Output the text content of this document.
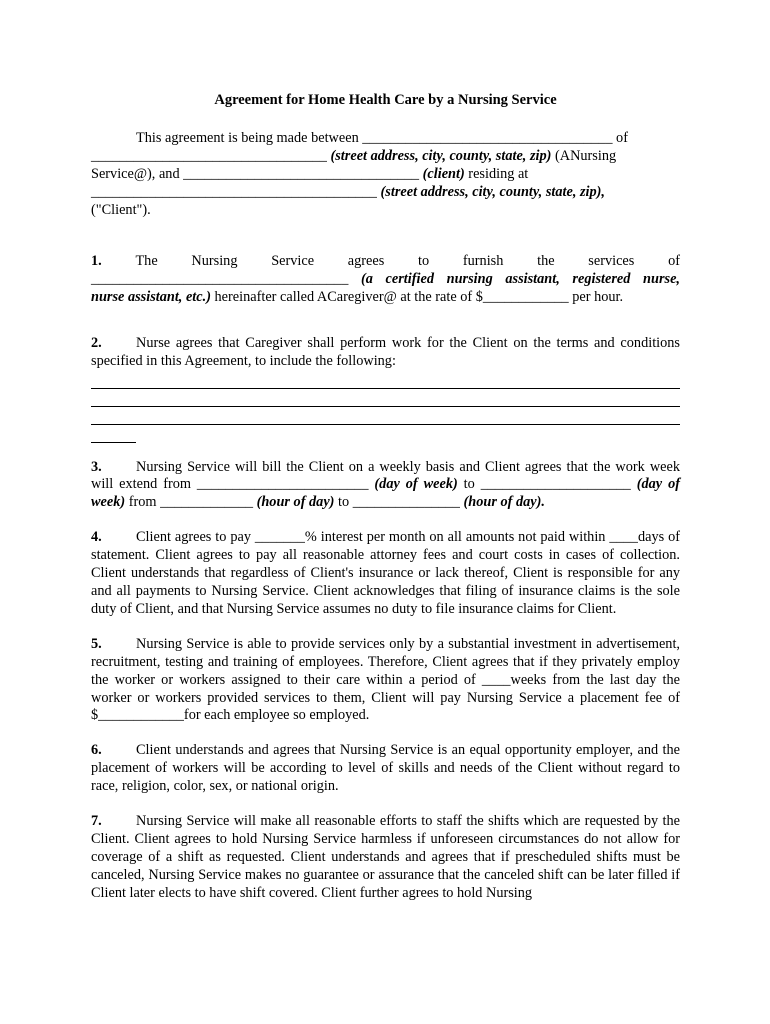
Agreement for Home Health Care by a Nursing Service
This agreement is being made between ___________________________________ of
_________________________________ (street address, city, county, state, zip) (ANursing
Service@), and _________________________________ (client) residing at
________________________________________ (street address, city, county, state, zip),
("Client").
1. The Nursing Service agrees to furnish the services of
____________________________________ (a certified nursing assistant, registered nurse,
nurse assistant, etc.) hereinafter called ACaregiver@ at the rate of $____________ per hour.
2. Nurse agrees that Caregiver shall perform work for the Client on the terms and conditions specified in this Agreement, to include the following:
3. Nursing Service will bill the Client on a weekly basis and Client agrees that the work week will extend from ________________________ (day of week) to _____________________ (day of week) from _____________ (hour of day) to _______________ (hour of day).
4. Client agrees to pay _______% interest per month on all amounts not paid within ____days of statement. Client agrees to pay all reasonable attorney fees and court costs in cases of collection. Client understands that regardless of Client's insurance or lack thereof, Client is responsible for any and all payments to Nursing Service. Client acknowledges that filing of insurance claims is the sole duty of Client, and that Nursing Service assumes no duty to file insurance claims for Client.
5. Nursing Service is able to provide services only by a substantial investment in advertisement, recruitment, testing and training of employees. Therefore, Client agrees that if they privately employ the worker or workers assigned to their care within a period of ____weeks from the last day the worker or workers provided services to them, Client will pay Nursing Service a placement fee of $____________for each employee so employed.
6. Client understands and agrees that Nursing Service is an equal opportunity employer, and the placement of workers will be according to level of skills and needs of the Client without regard to race, religion, color, sex, or national origin.
7. Nursing Service will make all reasonable efforts to staff the shifts which are requested by the Client. Client agrees to hold Nursing Service harmless if unforeseen circumstances do not allow for coverage of a shift as requested. Client understands and agrees that if prescheduled shifts must be canceled, Nursing Service makes no guarantee or assurance that the canceled shift can be later filled if Client later elects to have shift covered. Client further agrees to hold Nursing
